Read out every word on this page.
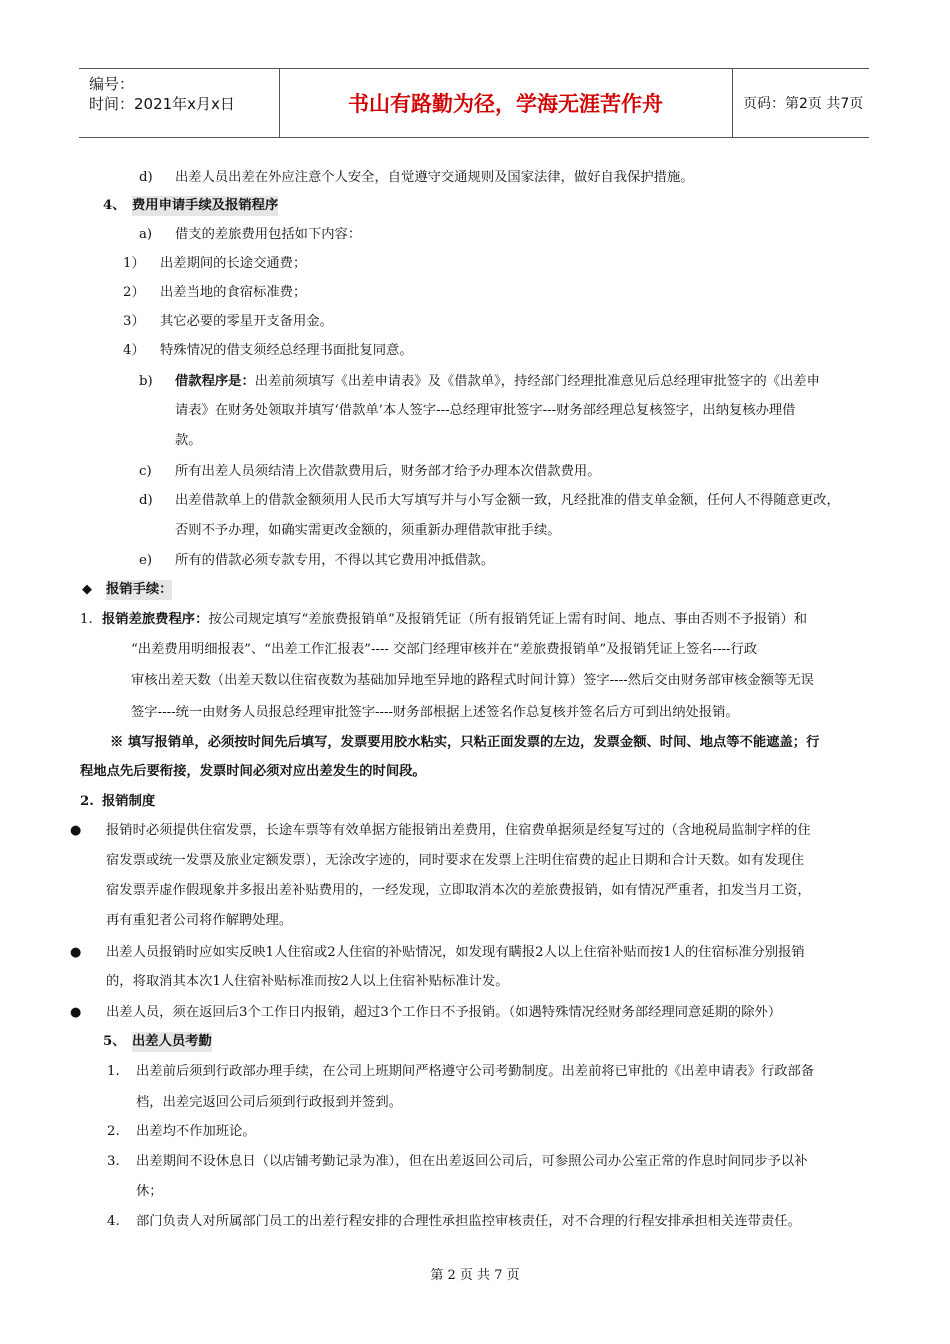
编号：
时间：2021年x月x日	书山有路勤为径，学海无涯苦作舟	页码：第2页 共7页
d) 出差人员出差在外应注意个人安全，自觉遵守交通规则及国家法律，做好自我保护措施。
4、 费用申请手续及报销程序
a) 借支的差旅费用包括如下内容：
1） 出差期间的长途交通费；
2） 出差当地的食宿标准费；
3） 其它必要的零星开支备用金。
4） 特殊情况的借支须经总经理书面批复同意。
b) 借款程序是：出差前须填写《出差申请表》及《借款单》，持经部门经理批准意见后总经理审批签字的《出差申
请表》在财务处领取并填写‘借款单’本人签字---总经理审批签字---财务部经理总复核签字，出纳复核办理借
款。
c) 所有出差人员须结清上次借款费用后，财务部才给予办理本次借款费用。
d) 出差借款单上的借款金额须用人民币大写填写并与小写金额一致，凡经批准的借支单金额，任何人不得随意更改，
否则不予办理，如确实需更改金额的，须重新办理借款审批手续。
e) 所有的借款必须专款专用，不得以其它费用冲抵借款。
◆ 报销手续：
1. 报销差旅费程序：按公司规定填写“差旅费报销单”及报销凭证（所有报销凭证上需有时间、地点、事由否则不予报销）和
“出差费用明细报表”、“出差工作汇报表”---- 交部门经理审核并在“差旅费报销单”及报销凭证上签名----行政
审核出差天数（出差天数以住宿夜数为基础加异地至异地的路程式时间计算）签字----然后交由财务部审核金额等无误
签字----统一由财务人员报总经理审批签字----财务部根据上述签名作总复核并签名后方可到出纳处报销。
※ 填写报销单，必须按时间先后填写，发票要用胶水粘实，只粘正面发票的左边，发票金额、时间、地点等不能遮盖；行
程地点先后要衔接，发票时间必须对应出差发生的时间段。
2. 报销制度
● 报销时必须提供住宿发票，长途车票等有效单据方能报销出差费用，住宿费单据须是经复写过的（含地税局监制字样的住
宿发票或统一发票及旅业定额发票），无涂改字迹的，同时要求在发票上注明住宿费的起止日期和合计天数。如有发现住
宿发票弄虚作假现象并多报出差补贴费用的，一经发现，立即取消本次的差旅费报销，如有情况严重者，扣发当月工资，
再有重犯者公司将作解聘处理。
● 出差人员报销时应如实反映1人住宿或2人住宿的补贴情况，如发现有瞒报2人以上住宿补贴而按1人的住宿标准分别报销
的，将取消其本次1人住宿补贴标准而按2人以上住宿补贴标准计发。
● 出差人员，须在返回后3个工作日内报销，超过3个工作日不予报销。（如遇特殊情况经财务部经理同意延期的除外）
5、 出差人员考勤
1. 出差前后须到行政部办理手续，在公司上班期间严格遵守公司考勤制度。出差前将已审批的《出差申请表》行政部备
档，出差完返回公司后须到行政报到并签到。
2. 出差均不作加班论。
3. 出差期间不设休息日（以店铺考勤记录为准），但在出差返回公司后，可参照公司办公室正常的作息时间同步予以补
休；
4. 部门负责人对所属部门员工的出差行程安排的合理性承担监控审核责任，对不合理的行程安排承担相关连带责任。
第 2 页 共 7 页
